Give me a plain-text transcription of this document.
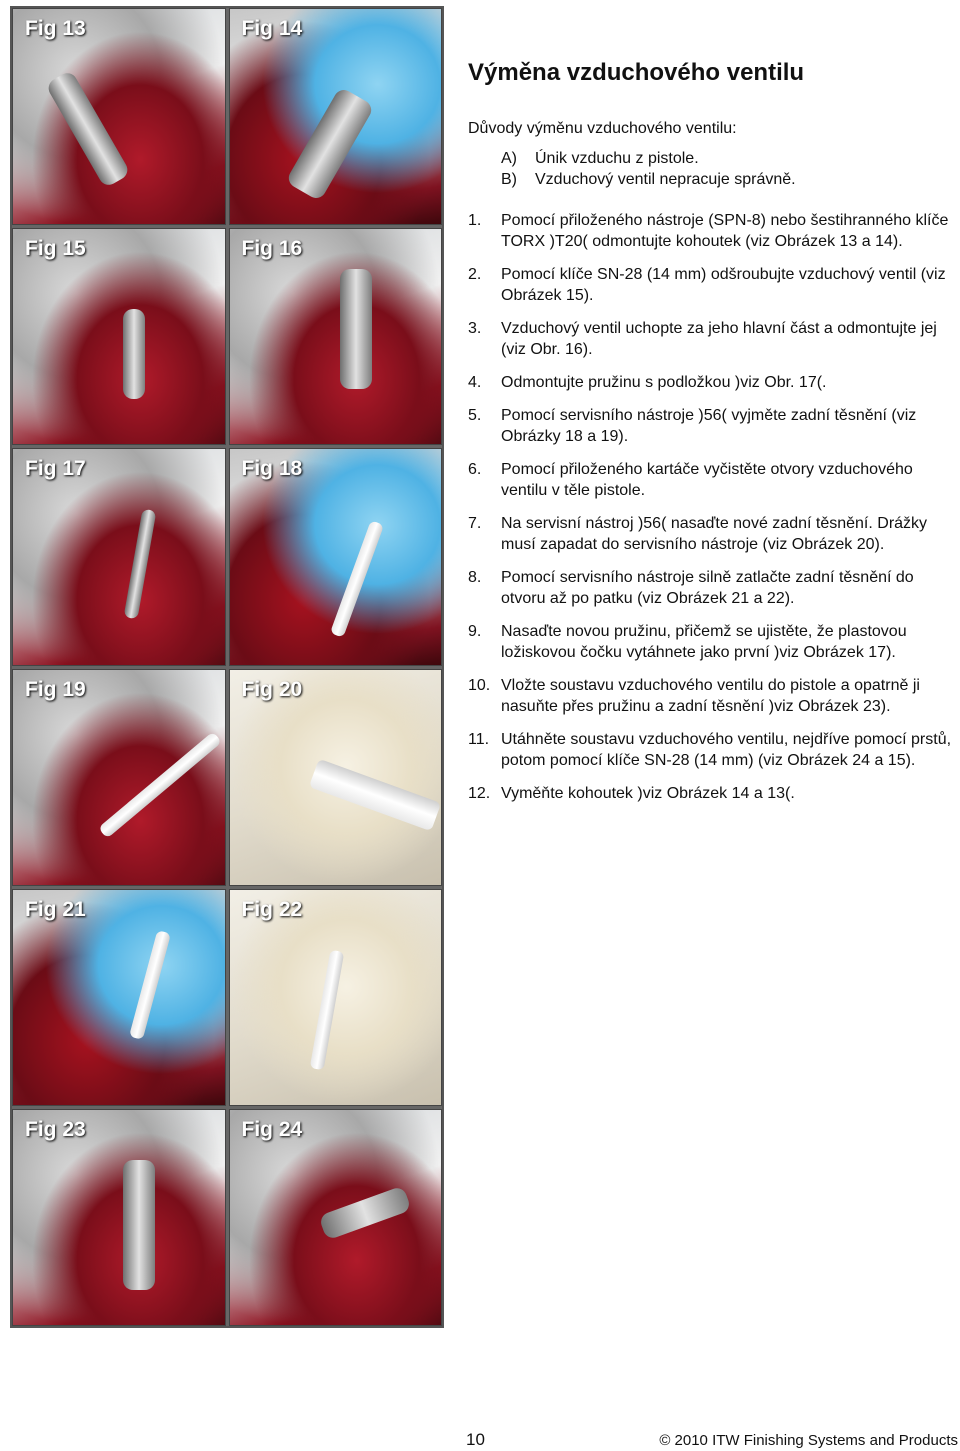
Fig 13	Fig 14
Fig 15	Fig 16
Fig 17	Fig 18
Fig 19	Fig 20
Fig 21	Fig 22
Fig 23	Fig 24
Výměna vzduchového ventilu

Důvody výměnu vzduchového ventilu:

A)	Únik vzduchu z pistole.
B)	Vzduchový ventil nepracuje správně.
1.	Pomocí přiloženého nástroje (SPN-8) nebo šestihranného klíče TORX )T20( odmontujte kohoutek (viz Obrázek 13 a 14).
2.	Pomocí klíče SN-28 (14 mm) odšroubujte vzduchový ventil (viz Obrázek 15).
3.	Vzduchový ventil uchopte za jeho hlavní část a odmontujte jej (viz Obr. 16).
4.	Odmontujte pružinu s podložkou )viz Obr. 17(.
5.	Pomocí servisního nástroje )56( vyjměte zadní těsnění (viz Obrázky 18 a 19).
6.	Pomocí přiloženého kartáče vyčistěte otvory vzduchového ventilu v těle pistole.
7.	Na servisní nástroj )56( nasaďte nové zadní těsnění. Drážky musí zapadat do servisního nástroje (viz Obrázek 20).
8.	Pomocí servisního nástroje silně zatlačte zadní těsnění do otvoru až po patku (viz Obrázek 21 a 22).
9.	Nasaďte novou pružinu, přičemž se ujistěte, že plastovou ložiskovou čočku vytáhnete jako první )viz Obrázek 17).
10. Vložte soustavu vzduchového ventilu do pistole a opatrně ji nasuňte přes pružinu a zadní těsnění )viz Obrázek 23).
11. Utáhněte soustavu vzduchového ventilu, nejdříve pomocí prstů, potom pomocí klíče SN-28 (14 mm) (viz Obrázek 24 a 15).
12. Vyměňte kohoutek )viz Obrázek 14 a 13(.
10	© 2010 ITW Finishing Systems and Products
